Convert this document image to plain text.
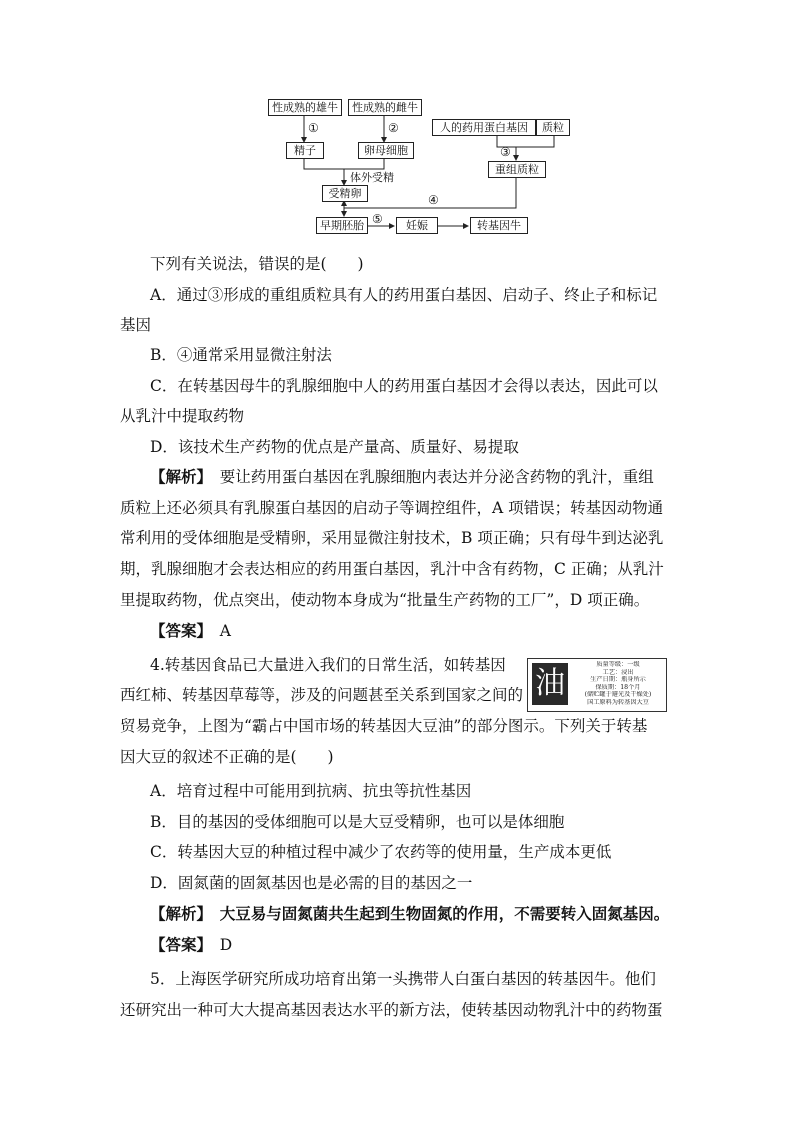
性成熟的雄牛	性成熟的雌牛
人的药用蛋白基因	质粒
①	②
③
精子	卵母细胞
重组质粒
体外受精
受精卵	④
早期胚胎 ⑤	妊娠	转基因牛
下列有关说法，错误的是(　　)
A．通过③形成的重组质粒具有人的药用蛋白基因、启动子、终止子和标记
基因
B．④通常采用显微注射法
C．在转基因母牛的乳腺细胞中人的药用蛋白基因才会得以表达，因此可以
从乳汁中提取药物
D．该技术生产药物的优点是产量高、质量好、易提取
【解析】　要让药用蛋白基因在乳腺细胞内表达并分泌含药物的乳汁，重组
质粒上还必须具有乳腺蛋白基因的启动子等调控组件，A 项错误；转基因动物通
常利用的受体细胞是受精卵，采用显微注射技术，B 项正确；只有母牛到达泌乳
期，乳腺细胞才会表达相应的药用蛋白基因，乳汁中含有药物，C 正确；从乳汁
里提取药物，优点突出，使动物本身成为“批量生产药物的工厂”，D 项正确。
【答案】　A
4.转基因食品已大量进入我们的日常生活，如转基因
西红柿、转基因草莓等，涉及的问题甚至关系到国家之间的
贸易竞争，上图为“霸占中国市场的转基因大豆油”的部分图示。下列关于转基
因大豆的叙述不正确的是(　　)
油
质量等级：一级
工艺：浸出
生产日期：瓶身所示
保质期：18个月
(储贮罐于避光及干燥处)
国工原料为转基因大豆
A．培育过程中可能用到抗病、抗虫等抗性基因
B．目的基因的受体细胞可以是大豆受精卵，也可以是体细胞
C．转基因大豆的种植过程中减少了农药等的使用量，生产成本更低
D．固氮菌的固氮基因也是必需的目的基因之一
【解析】　大豆易与固氮菌共生起到生物固氮的作用，不需要转入固氮基因。
【答案】　D
5．上海医学研究所成功培育出第一头携带人白蛋白基因的转基因牛。他们
还研究出一种可大大提高基因表达水平的新方法，使转基因动物乳汁中的药物蛋
